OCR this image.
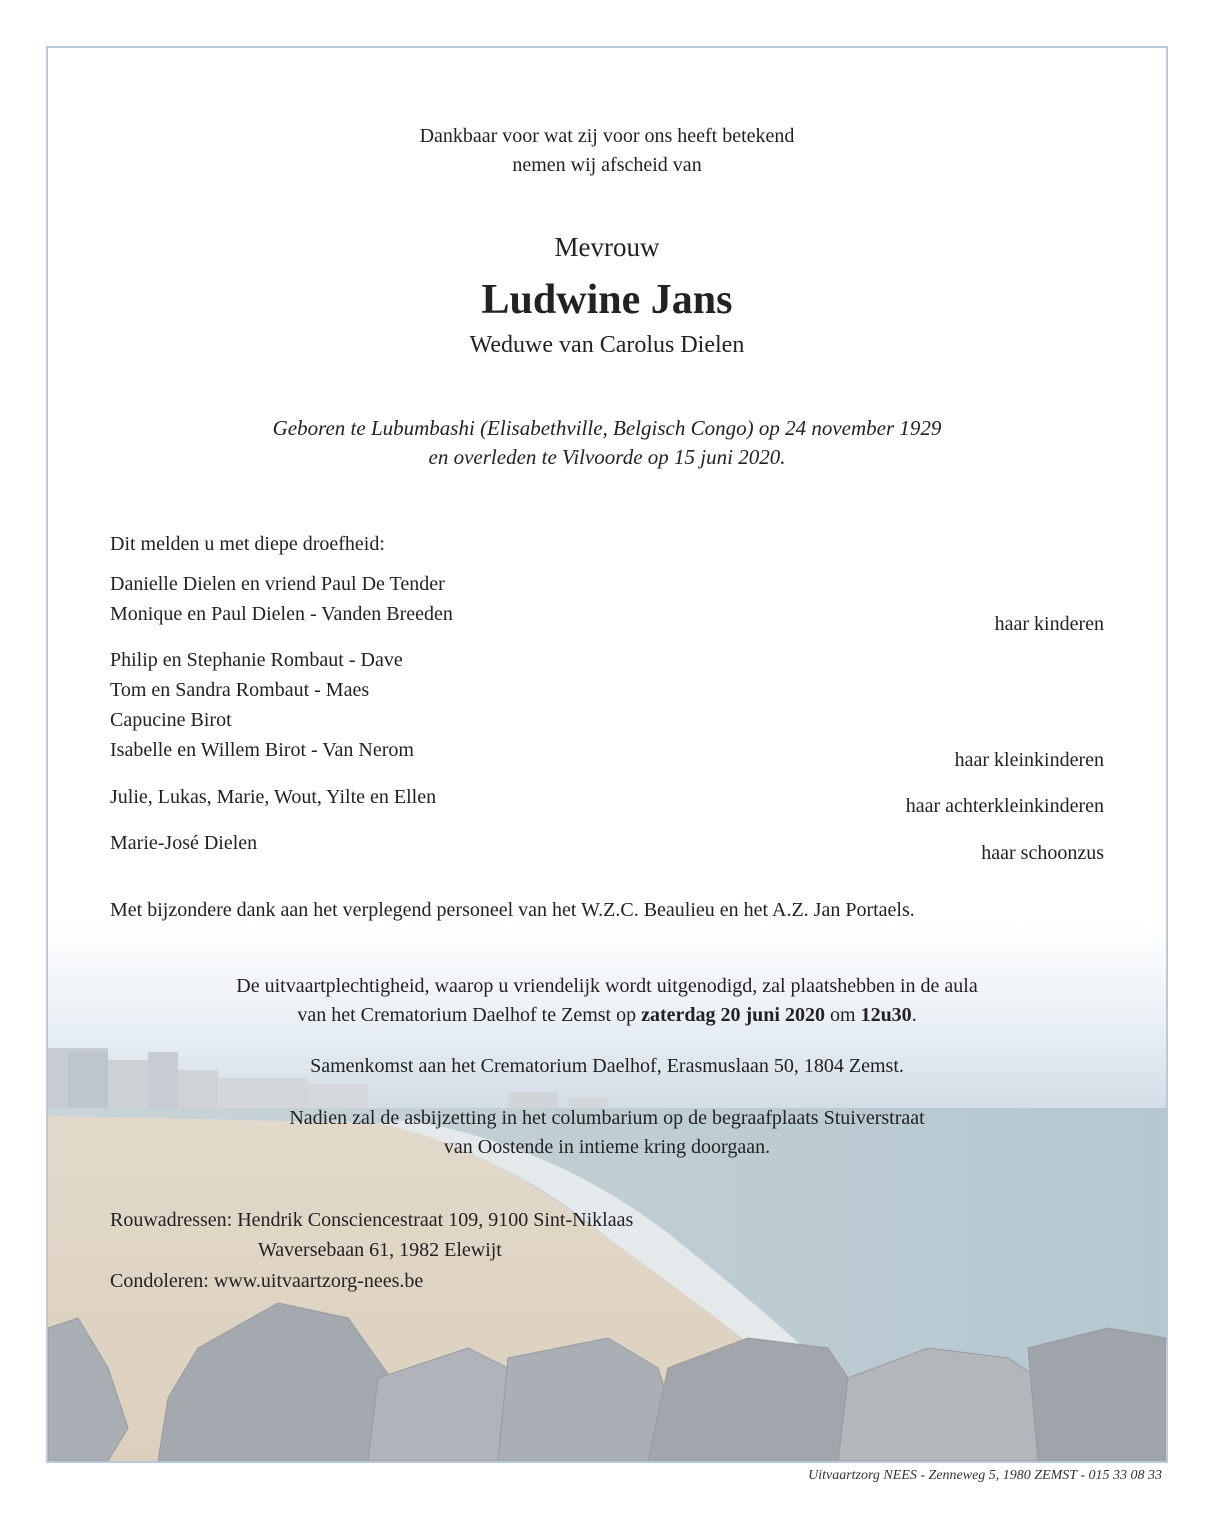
Dankbaar voor wat zij voor ons heeft betekend
nemen wij afscheid van
Mevrouw
Ludwine Jans
Weduwe van Carolus Dielen
Geboren te Lubumbashi (Elisabethville, Belgisch Congo) op 24 november 1929
en overleden te Vilvoorde op 15 juni 2020.
Dit melden u met diepe droefheid:
Danielle Dielen en vriend Paul De Tender
Monique en Paul Dielen - Vanden Breeden	haar kinderen
Philip en Stephanie Rombaut - Dave
Tom en Sandra Rombaut - Maes
Capucine Birot
Isabelle en Willem Birot - Van Nerom	haar kleinkinderen
Julie, Lukas, Marie, Wout, Yilte en Ellen	haar achterkleinkinderen
Marie-José Dielen	haar schoonzus
Met bijzondere dank aan het verplegend personeel van het W.Z.C. Beaulieu en het A.Z. Jan Portaels.
De uitvaartplechtigheid, waarop u vriendelijk wordt uitgenodigd, zal plaatshebben in de aula
van het Crematorium Daelhof te Zemst op zaterdag 20 juni 2020 om 12u30.
Samenkomst aan het Crematorium Daelhof, Erasmuslaan 50, 1804 Zemst.
Nadien zal de asbijzetting in het columbarium op de begraafplaats Stuiverstraat
van Oostende in intieme kring doorgaan.
Rouwadressen: Hendrik Consciencestraat 109, 9100 Sint-Niklaas
Waversebaan 61, 1982 Elewijt
Condoleren: www.uitvaartzorg-nees.be
Uitvaartzorg NEES - Zenneweg 5, 1980 ZEMST - 015 33 08 33
